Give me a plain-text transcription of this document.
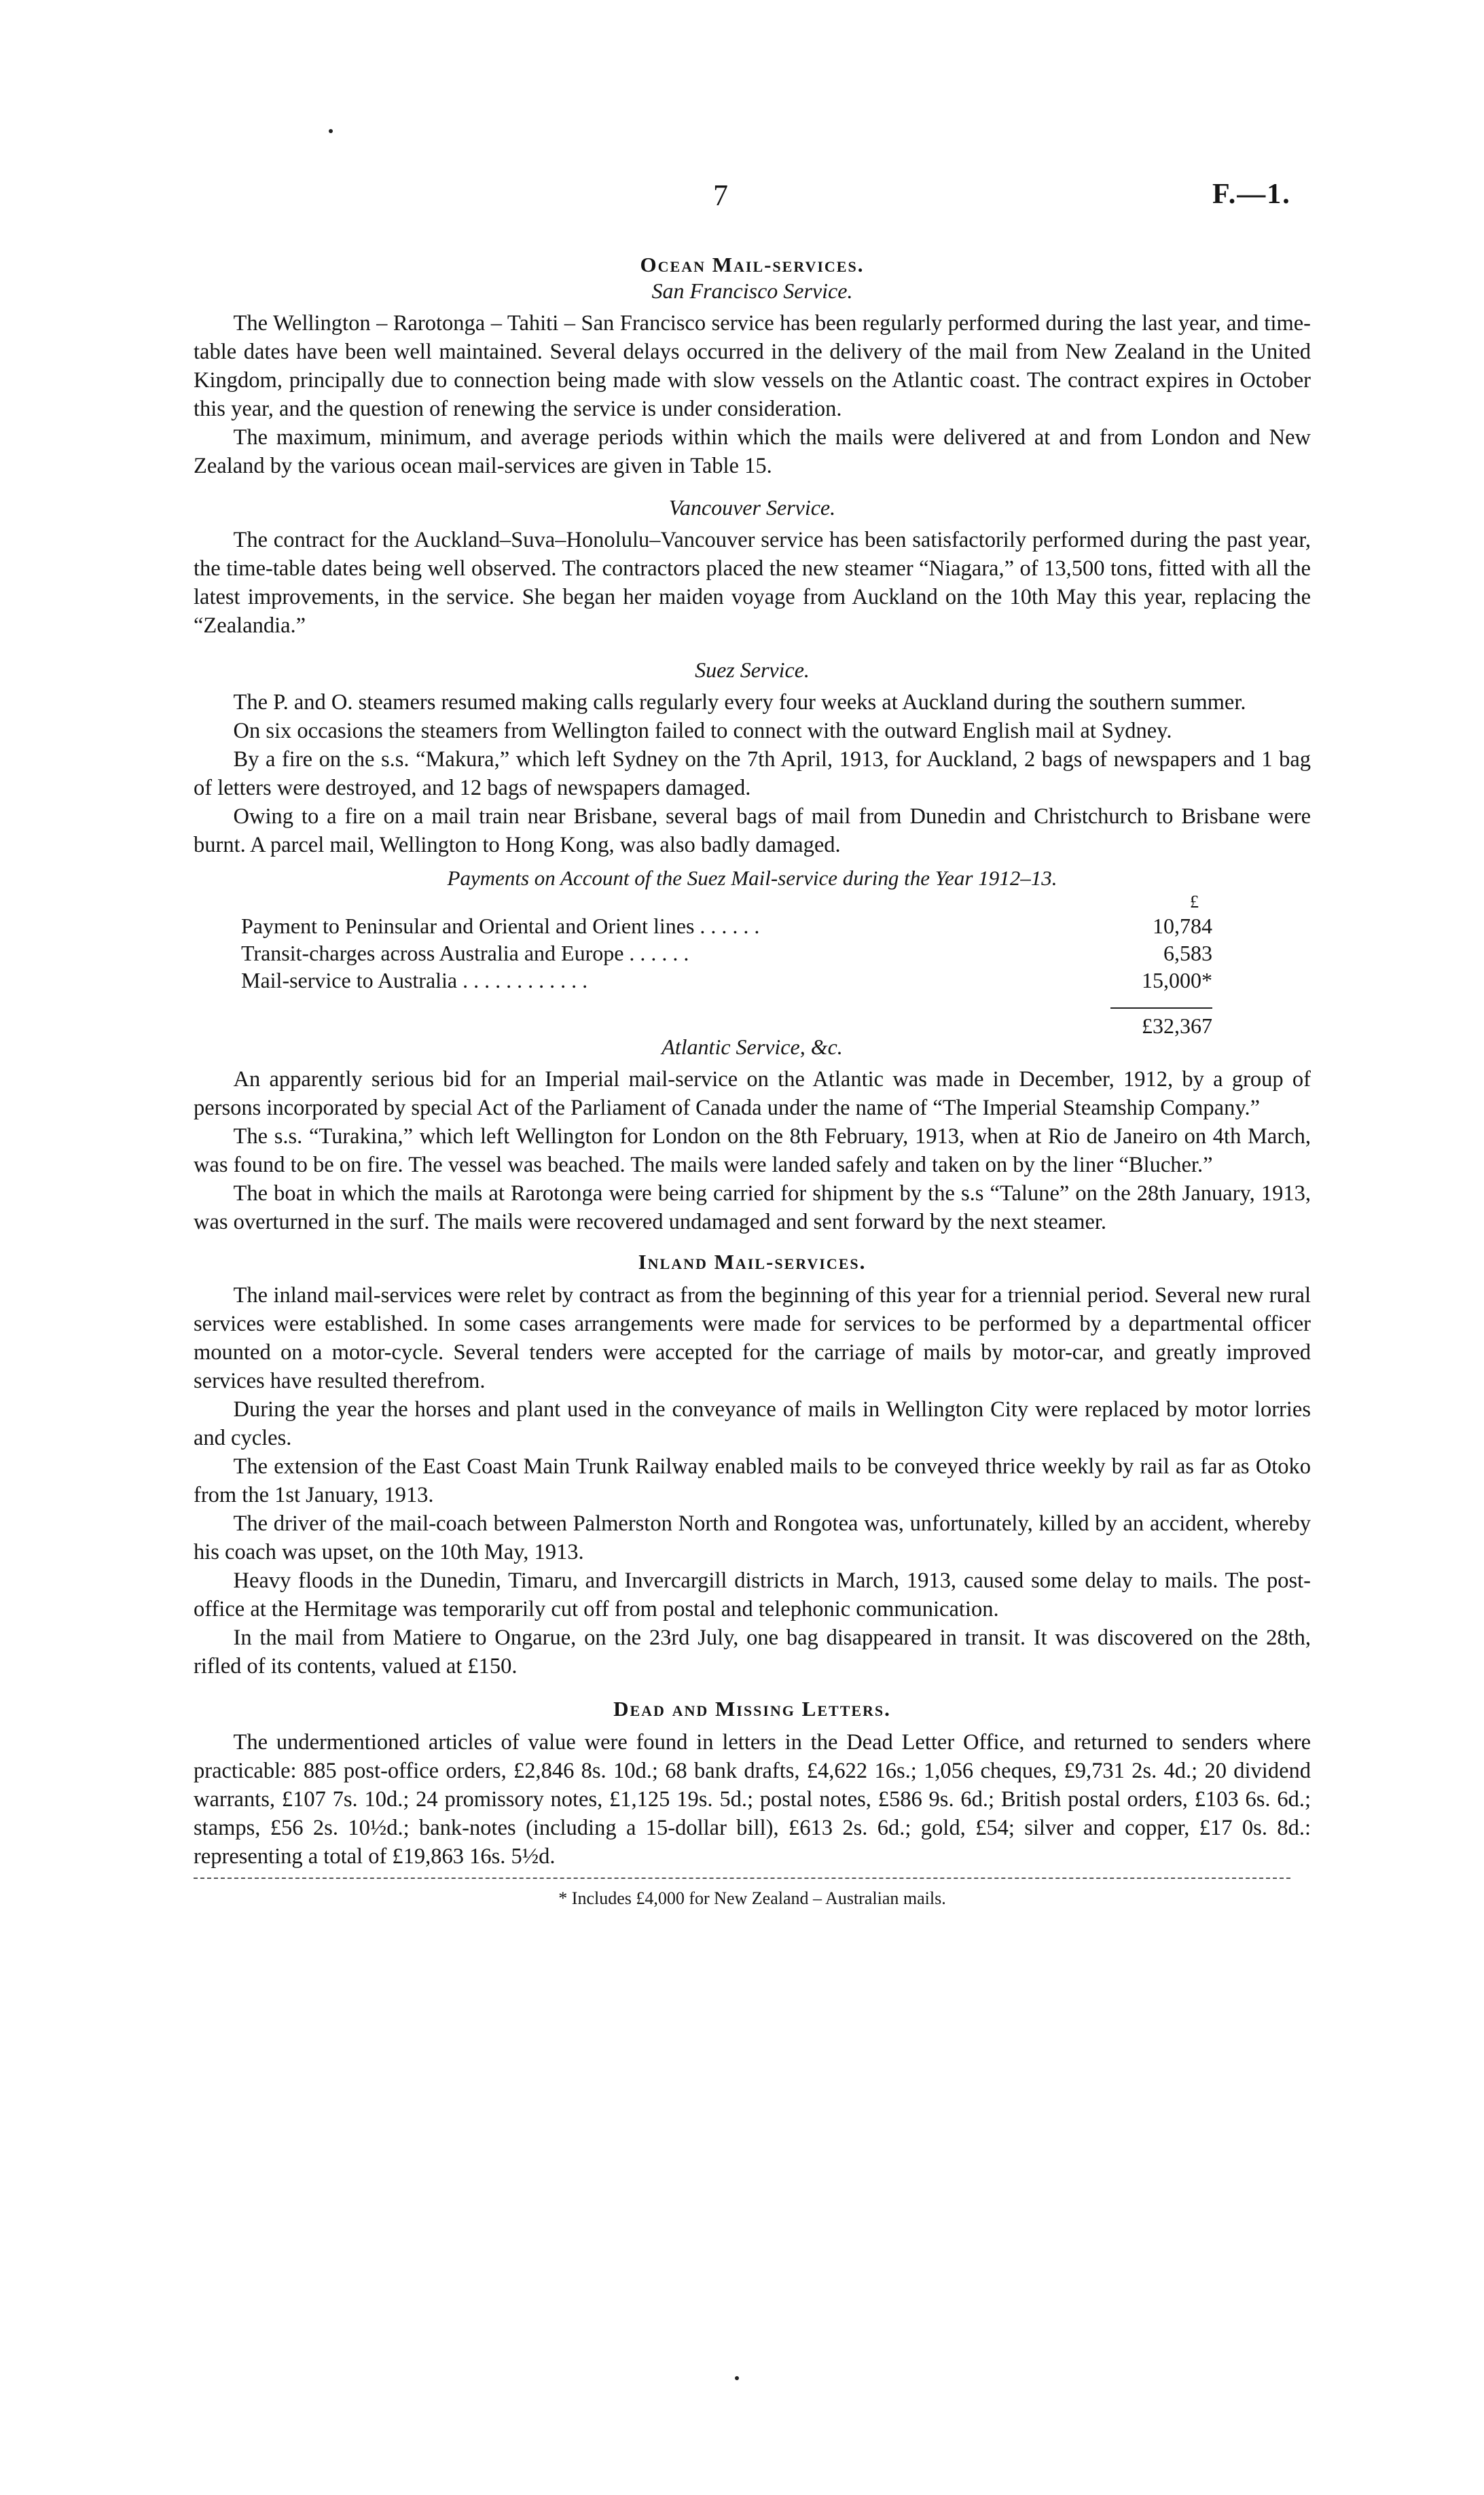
7	F.—1.
Ocean Mail-services.
San Francisco Service.

The Wellington – Rarotonga – Tahiti – San Francisco service has been regularly performed during the last year, and time-table dates have been well maintained. Several delays occurred in the delivery of the mail from New Zealand in the United Kingdom, principally due to connection being made with slow vessels on the Atlantic coast. The contract expires in October this year, and the question of renewing the service is under consideration.

The maximum, minimum, and average periods within which the mails were delivered at and from London and New Zealand by the various ocean mail-services are given in Table 15.

Vancouver Service.

The contract for the Auckland–Suva–Honolulu–Vancouver service has been satisfactorily performed during the past year, the time-table dates being well observed. The contractors placed the new steamer “Niagara,” of 13,500 tons, fitted with all the latest improvements, in the service. She began her maiden voyage from Auckland on the 10th May this year, replacing the “Zealandia.”

Suez Service.

The P. and O. steamers resumed making calls regularly every four weeks at Auckland during the southern summer.

On six occasions the steamers from Wellington failed to connect with the outward English mail at Sydney.

By a fire on the s.s. “Makura,” which left Sydney on the 7th April, 1913, for Auckland, 2 bags of newspapers and 1 bag of letters were destroyed, and 12 bags of newspapers damaged.

Owing to a fire on a mail train near Brisbane, several bags of mail from Dunedin and Christchurch to Brisbane were burnt. A parcel mail, Wellington to Hong Kong, was also badly damaged.

Payments on Account of the Suez Mail-service during the Year 1912–13.
£
Payment to Peninsular and Oriental and Orient lines . . . . . .	10,784
Transit-charges across Australia and Europe . . . . . .	6,583
Mail-service to Australia . . . . . . . . . . . .	15,000*
£32,367
Atlantic Service, &c.

An apparently serious bid for an Imperial mail-service on the Atlantic was made in December, 1912, by a group of persons incorporated by special Act of the Parliament of Canada under the name of “The Imperial Steamship Company.”

The s.s. “Turakina,” which left Wellington for London on the 8th February, 1913, when at Rio de Janeiro on 4th March, was found to be on fire. The vessel was beached. The mails were landed safely and taken on by the liner “Blucher.”

The boat in which the mails at Rarotonga were being carried for shipment by the s.s “Talune” on the 28th January, 1913, was overturned in the surf. The mails were recovered undamaged and sent forward by the next steamer.

Inland Mail-services.

The inland mail-services were relet by contract as from the beginning of this year for a triennial period. Several new rural services were established. In some cases arrangements were made for services to be performed by a departmental officer mounted on a motor-cycle. Several tenders were accepted for the carriage of mails by motor-car, and greatly improved services have resulted therefrom.

During the year the horses and plant used in the conveyance of mails in Wellington City were replaced by motor lorries and cycles.

The extension of the East Coast Main Trunk Railway enabled mails to be conveyed thrice weekly by rail as far as Otoko from the 1st January, 1913.

The driver of the mail-coach between Palmerston North and Rongotea was, unfortunately, killed by an accident, whereby his coach was upset, on the 10th May, 1913.

Heavy floods in the Dunedin, Timaru, and Invercargill districts in March, 1913, caused some delay to mails. The post-office at the Hermitage was temporarily cut off from postal and telephonic communication.

In the mail from Matiere to Ongarue, on the 23rd July, one bag disappeared in transit. It was discovered on the 28th, rifled of its contents, valued at £150.

Dead and Missing Letters.

The undermentioned articles of value were found in letters in the Dead Letter Office, and returned to senders where practicable: 885 post-office orders, £2,846 8s. 10d.; 68 bank drafts, £4,622 16s.; 1,056 cheques, £9,731 2s. 4d.; 20 dividend warrants, £107 7s. 10d.; 24 promissory notes, £1,125 19s. 5d.; postal notes, £586 9s. 6d.; British postal orders, £103 6s. 6d.; stamps, £56 2s. 10½d.; bank-notes (including a 15-dollar bill), £613 2s. 6d.; gold, £54; silver and copper, £17 0s. 8d.: representing a total of £19,863 16s. 5½d.

* Includes £4,000 for New Zealand – Australian mails.
